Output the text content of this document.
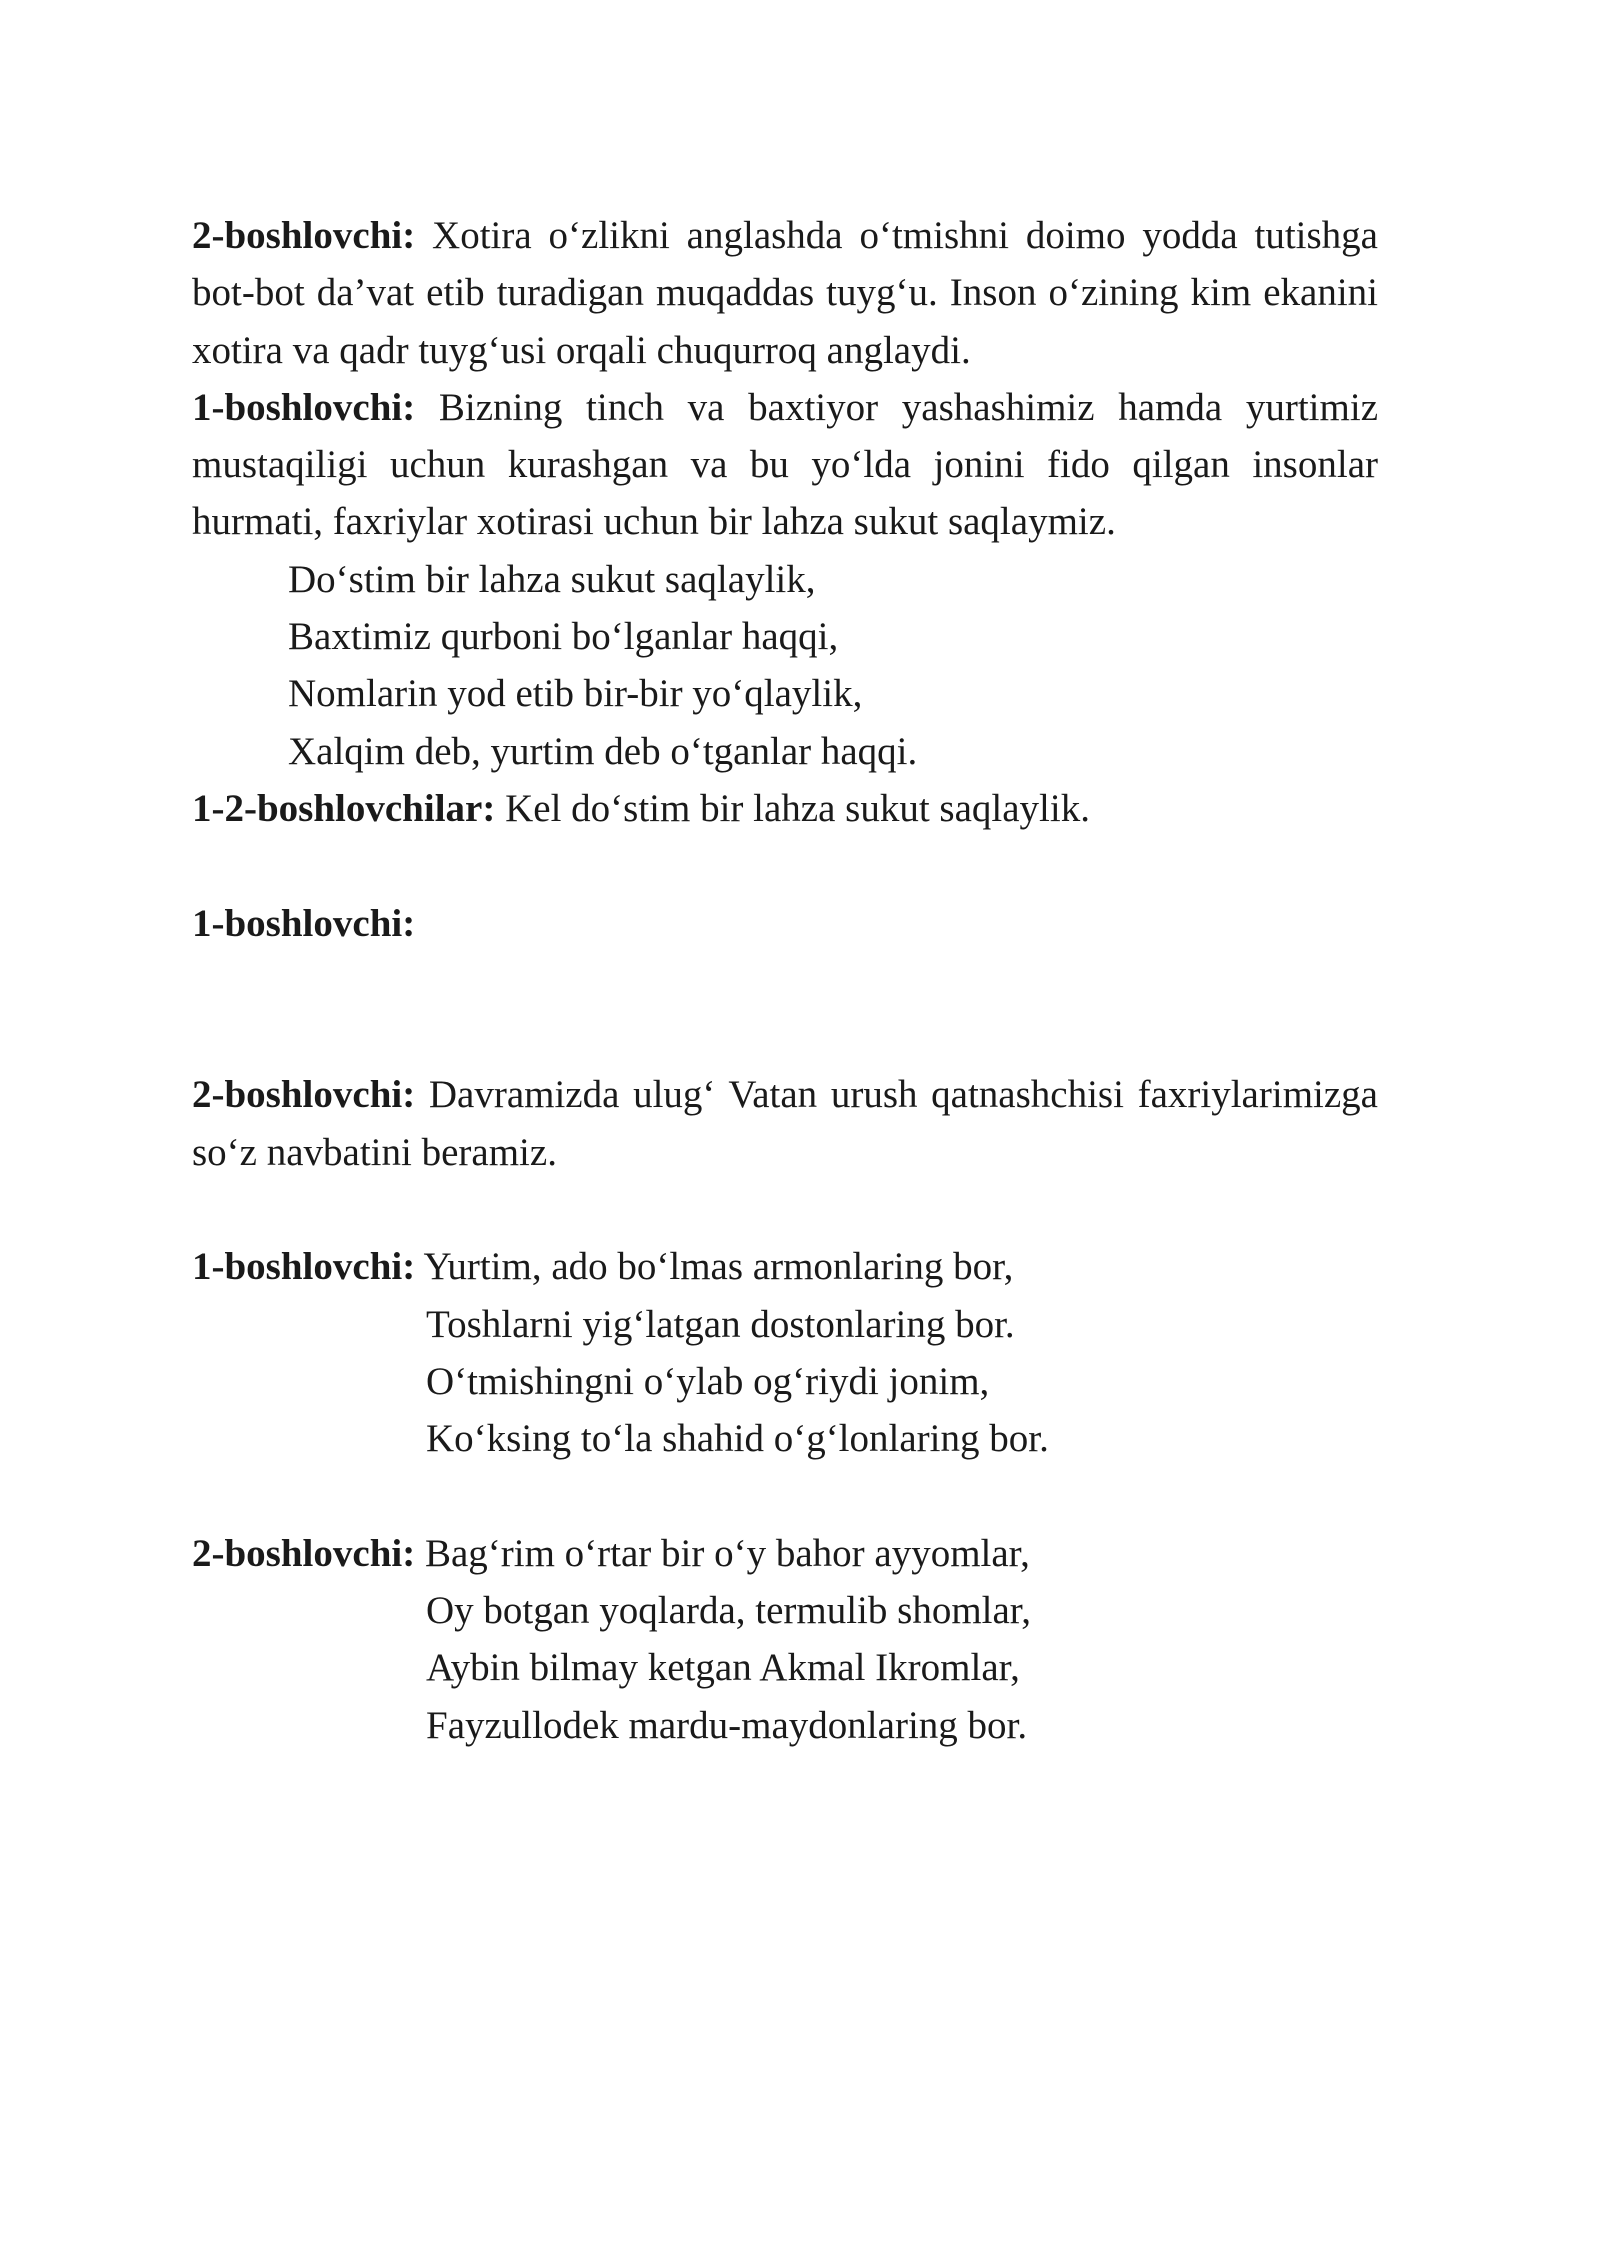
2-boshlovchi: Xotira o‘zlikni anglashda o‘tmishni doimo yodda tutishga bot-bot da’vat etib turadigan muqaddas tuyg‘u. Inson o‘zining kim ekanini xotira va qadr tuyg‘usi orqali chuqurroq anglaydi.

1-boshlovchi: Bizning tinch va baxtiyor yashashimiz hamda yurtimiz mustaqiligi uchun kurashgan va bu yo‘lda jonini fido qilgan insonlar hurmati, faxriylar xotirasi uchun bir lahza sukut saqlaymiz.

Do‘stim bir lahza sukut saqlaylik,

Baxtimiz qurboni bo‘lganlar haqqi,

Nomlarin yod etib bir-bir yo‘qlaylik,

Xalqim deb, yurtim deb o‘tganlar haqqi.

1-2-boshlovchilar: Kel do‘stim bir lahza sukut saqlaylik.

1-boshlovchi:

2-boshlovchi: Davramizda ulug‘ Vatan urush qatnashchisi faxriylarimizga so‘z navbatini beramiz.

1-boshlovchi: Yurtim, ado bo‘lmas armonlaring bor,

Toshlarni yig‘latgan dostonlaring bor.

O‘tmishingni o‘ylab og‘riydi jonim,

Ko‘ksing to‘la shahid o‘g‘lonlaring bor.

2-boshlovchi: Bag‘rim o‘rtar bir o‘y bahor ayyomlar,

Oy botgan yoqlarda, termulib shomlar,

Aybin bilmay ketgan Akmal Ikromlar,

Fayzullodek mardu-maydonlaring bor.
